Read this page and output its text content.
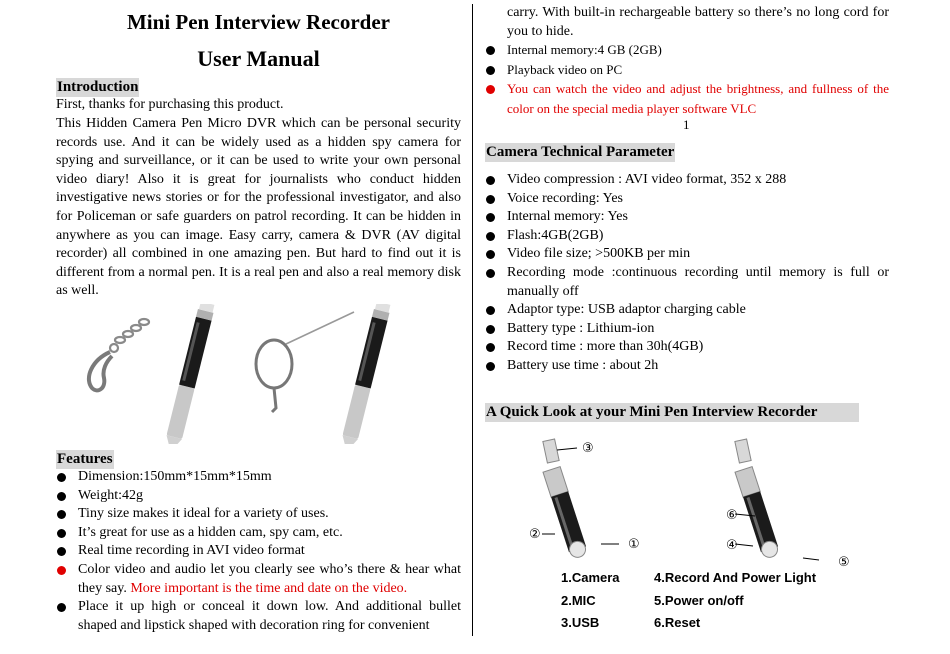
Mini Pen Interview Recorder
User Manual
Introduction
First, thanks for purchasing this product.
This Hidden Camera Pen Micro DVR which can be personal security records use. And it can be widely used as a hidden spy camera for spying and surveillance, or it can be used to write your own personal video diary! Also it is great for journalists who conduct hidden investigative news stories or for the professional investigator, and also for Policeman or safe guarders on patrol recording. It can be hidden in anywhere as you can image. Easy carry, camera & DVR (AV digital recorder) all combined in one amazing pen. But hard to find out it is different from a normal pen. It is a real pen and also a real memory disk as well.
Features
Dimension:150mm*15mm*15mm
Weight:42g
Tiny size makes it ideal for a variety of uses.
It’s great for use as a hidden cam, spy cam, etc.
Real time recording in AVI video format
Color video and audio let you clearly see who’s there & hear what they say. More important is the time and date on the video.
Place it up high or conceal it down low. And additional bullet shaped and lipstick shaped with decoration ring for convenient
carry. With built-in rechargeable battery so there’s no long cord for you to hide.
Internal memory:4 GB (2GB)
Playback video on PC
You can watch the video and adjust the brightness, and fullness of the color on the special media player software VLC
1
Camera Technical Parameter
Video compression : AVI video format, 352 x 288
Voice recording: Yes
Internal memory: Yes
Flash:4GB(2GB)
Video file size; >500KB per min
Recording mode :continuous recording until memory is full or manually off
Adaptor type: USB adaptor charging cable
Battery type : Lithium-ion
Record time : more than 30h(4GB)
Battery use time : about 2h
A Quick Look at your Mini Pen Interview Recorder
③
②
①
⑥
④
⑤
1.Camera	4.Record And Power Light
2.MIC	5.Power on/off
3.USB	6.Reset
